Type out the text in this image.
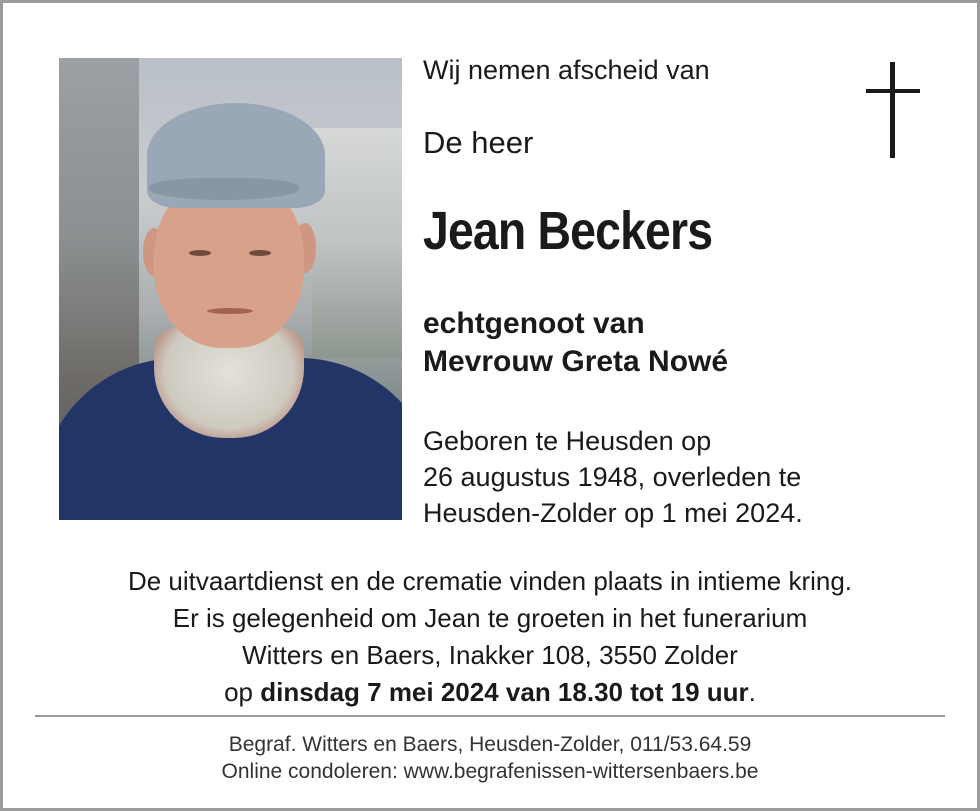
Wij nemen afscheid van

De heer

Jean Beckers

echtgenoot van
Mevrouw Greta Nowé
Geboren te Heusden op
26 augustus 1948, overleden te
Heusden-Zolder op 1 mei 2024.

De uitvaartdienst en de crematie vinden plaats in intieme kring.

Er is gelegenheid om Jean te groeten in het funerarium

Witters en Baers, Inakker 108, 3550 Zolder

op dinsdag 7 mei 2024 van 18.30 tot 19 uur.

Begraf. Witters en Baers, Heusden-Zolder, 011/53.64.59

Online condoleren: www.begrafenissen-wittersenbaers.be
